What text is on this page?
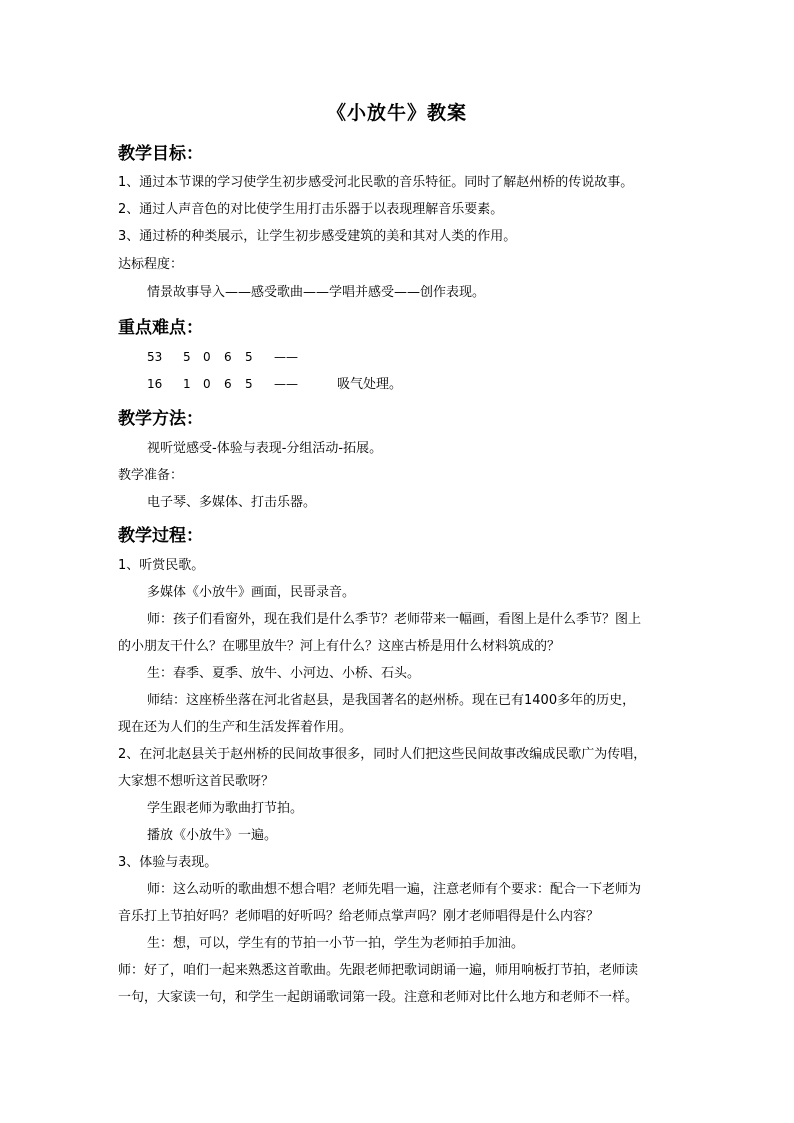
《小放牛》教案
教学目标：
1、通过本节课的学习使学生初步感受河北民歌的音乐特征。同时了解赵州桥的传说故事。
2、通过人声音色的对比使学生用打击乐器于以表现理解音乐要素。
3、通过桥的种类展示，让学生初步感受建筑的美和其对人类的作用。
达标程度：
情景故事导入——感受歌曲——学唱并感受——创作表现。
重点难点：
53 5 0 6 5 ——
16 1 0 6 5 ——	吸气处理。
教学方法：
视听觉感受-体验与表现-分组活动-拓展。
教学准备：
电子琴、多媒体、打击乐器。
教学过程：
1、听赏民歌。
多媒体《小放牛》画面，民哥录音。
师：孩子们看窗外，现在我们是什么季节？老师带来一幅画，看图上是什么季节？图上
的小朋友干什么？在哪里放牛？河上有什么？这座古桥是用什么材料筑成的？
生：春季、夏季、放牛、小河边、小桥、石头。
师结：这座桥坐落在河北省赵县，是我国著名的赵州桥。现在已有1400多年的历史，
现在还为人们的生产和生活发挥着作用。
2、在河北赵县关于赵州桥的民间故事很多，同时人们把这些民间故事改编成民歌广为传唱，
大家想不想听这首民歌呀？
学生跟老师为歌曲打节拍。
播放《小放牛》一遍。
3、体验与表现。
师：这么动听的歌曲想不想合唱？老师先唱一遍，注意老师有个要求：配合一下老师为
音乐打上节拍好吗？老师唱的好听吗？给老师点掌声吗？刚才老师唱得是什么内容？
生：想，可以，学生有的节拍一小节一拍，学生为老师拍手加油。
师：好了，咱们一起来熟悉这首歌曲。先跟老师把歌词朗诵一遍，师用响板打节拍，老师读
一句，大家读一句，和学生一起朗诵歌词第一段。注意和老师对比什么地方和老师不一样。
